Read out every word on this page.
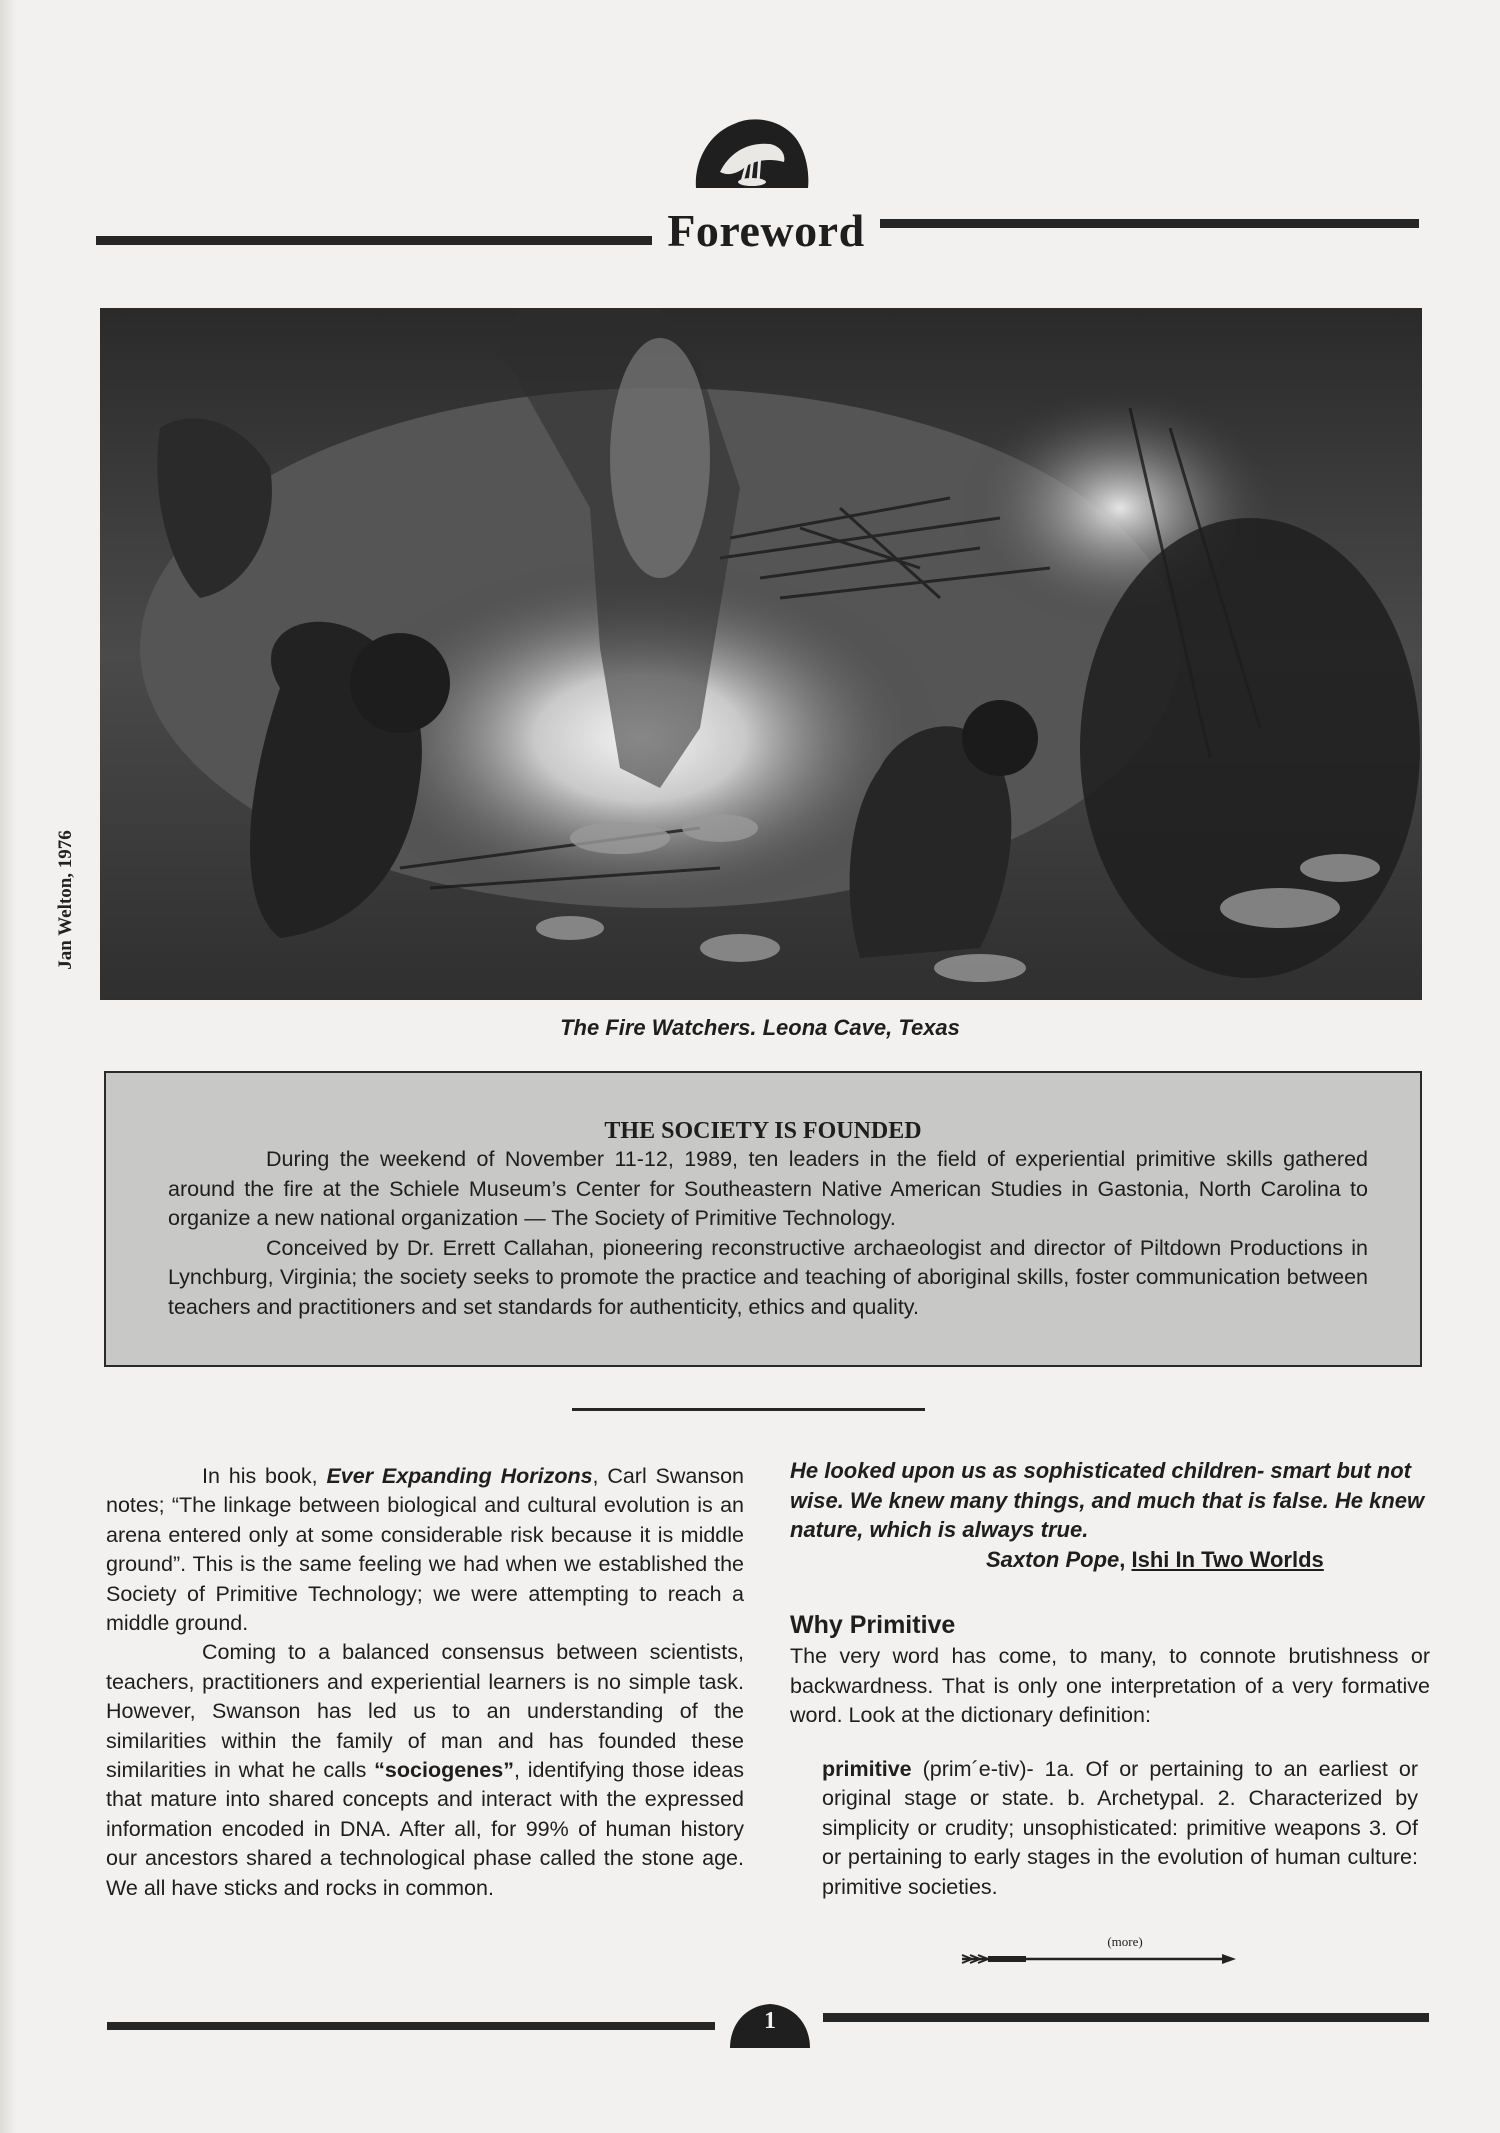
Foreword
Jan Welton, 1976
The Fire Watchers. Leona Cave, Texas
THE SOCIETY IS FOUNDED

During the weekend of November 11-12, 1989, ten leaders in the field of experiential primitive skills gathered around the fire at the Schiele Museum’s Center for Southeastern Native American Studies in Gastonia, North Carolina to organize a new national organization — The Society of Primitive Technology.

Conceived by Dr. Errett Callahan, pioneering reconstructive archaeologist and director of Piltdown Productions in Lynchburg, Virginia; the society seeks to promote the practice and teaching of aboriginal skills, foster communication between teachers and practitioners and set standards for authenticity, ethics and quality.

In his book, Ever Expanding Horizons, Carl Swanson notes; “The linkage between biological and cultural evolution is an arena entered only at some considerable risk because it is middle ground”. This is the same feeling we had when we established the Society of Primitive Technology; we were attempting to reach a middle ground.

Coming to a balanced consensus between scientists, teachers, practitioners and experiential learners is no simple task. However, Swanson has led us to an understanding of the similarities within the family of man and has founded these similarities in what he calls “sociogenes”, identifying those ideas that mature into shared concepts and interact with the expressed information encoded in DNA. After all, for 99% of human history our ancestors shared a technological phase called the stone age. We all have sticks and rocks in common.

He looked upon us as sophisticated children- smart but not wise. We knew many things, and much that is false. He knew nature, which is always true.
Saxton Pope, Ishi In Two Worlds
Why Primitive
The very word has come, to many, to connote brutishness or backwardness. That is only one interpretation of a very formative word. Look at the dictionary definition:
primitive (prim´e-tiv)- 1a. Of or pertaining to an earliest or original stage or state. b. Archetypal. 2. Characterized by simplicity or crudity; unsophisticated: primitive weapons 3. Of or pertaining to early stages in the evolution of human culture: primitive societies.
(more)
1
